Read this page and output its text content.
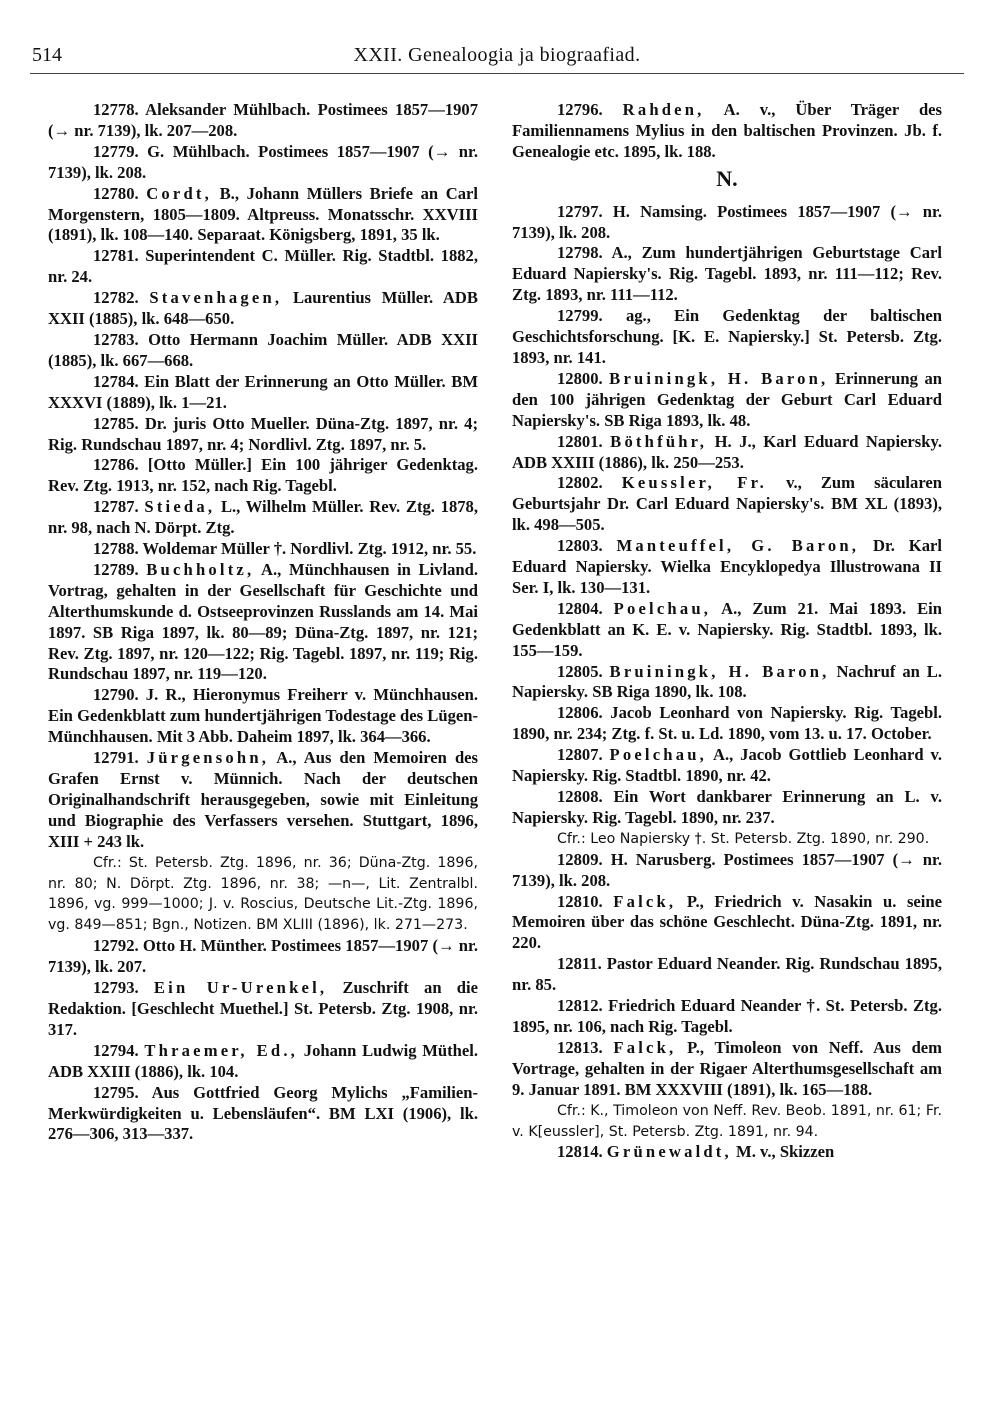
514	XXII. Genealoogia ja biograafiad.

12778. Aleksander Mühlbach. Postimees 1857—1907 (→ nr. 7139), lk. 207—208.

12779. G. Mühlbach. Postimees 1857—1907 (→ nr. 7139), lk. 208.

12780. Cordt, B., Johann Müllers Briefe an Carl Morgenstern, 1805—1809. Altpreuss. Monatsschr. XXVIII (1891), lk. 108—140. Separaat. Königsberg, 1891, 35 lk.

12781. Superintendent C. Müller. Rig. Stadtbl. 1882, nr. 24.

12782. Stavenhagen, Laurentius Müller. ADB XXII (1885), lk. 648—650.

12783. Otto Hermann Joachim Müller. ADB XXII (1885), lk. 667—668.

12784. Ein Blatt der Erinnerung an Otto Müller. BM XXXVI (1889), lk. 1—21.

12785. Dr. juris Otto Mueller. Düna-Ztg. 1897, nr. 4; Rig. Rundschau 1897, nr. 4; Nordlivl. Ztg. 1897, nr. 5.

12786. [Otto Müller.] Ein 100 jähriger Gedenktag. Rev. Ztg. 1913, nr. 152, nach Rig. Tagebl.

12787. Stieda, L., Wilhelm Müller. Rev. Ztg. 1878, nr. 98, nach N. Dörpt. Ztg.

12788. Woldemar Müller †. Nordlivl. Ztg. 1912, nr. 55.

12789. Buchholtz, A., Münchhausen in Livland. Vortrag, gehalten in der Gesellschaft für Geschichte und Alterthumskunde d. Ostseeprovinzen Russlands am 14. Mai 1897. SB Riga 1897, lk. 80—89; Düna-Ztg. 1897, nr. 121; Rev. Ztg. 1897, nr. 120—122; Rig. Tagebl. 1897, nr. 119; Rig. Rundschau 1897, nr. 119—120.

12790. J. R., Hieronymus Freiherr v. Münchhausen. Ein Gedenkblatt zum hundertjährigen Todestage des Lügen-Münchhausen. Mit 3 Abb. Daheim 1897, lk. 364—366.

12791. Jürgensohn, A., Aus den Memoiren des Grafen Ernst v. Münnich. Nach der deutschen Originalhandschrift herausgegeben, sowie mit Einleitung und Biographie des Verfassers versehen. Stuttgart, 1896, XIII + 243 lk.

Cfr.: St. Petersb. Ztg. 1896, nr. 36; Düna-Ztg. 1896, nr. 80; N. Dörpt. Ztg. 1896, nr. 38; —n—, Lit. Zentralbl. 1896, vg. 999—1000; J. v. Roscius, Deutsche Lit.-Ztg. 1896, vg. 849—851; Bgn., Notizen. BM XLIII (1896), lk. 271—273.

12792. Otto H. Münther. Postimees 1857—1907 (→ nr. 7139), lk. 207.

12793. Ein Ur-Urenkel, Zuschrift an die Redaktion. [Geschlecht Muethel.] St. Petersb. Ztg. 1908, nr. 317.

12794. Thraemer, Ed., Johann Ludwig Müthel. ADB XXIII (1886), lk. 104.

12795. Aus Gottfried Georg Mylichs „Familien-Merkwürdigkeiten u. Lebensläufen“. BM LXI (1906), lk. 276—306, 313—337.

12796. Rahden, A. v., Über Träger des Familiennamens Mylius in den baltischen Provinzen. Jb. f. Genealogie etc. 1895, lk. 188.

N.

12797. H. Namsing. Postimees 1857—1907 (→ nr. 7139), lk. 208.

12798. A., Zum hundertjährigen Geburtstage Carl Eduard Napiersky's. Rig. Tagebl. 1893, nr. 111—112; Rev. Ztg. 1893, nr. 111—112.

12799. ag., Ein Gedenktag der baltischen Geschichtsforschung. [K. E. Napiersky.] St. Petersb. Ztg. 1893, nr. 141.

12800. Bruiningk, H. Baron, Erinnerung an den 100 jährigen Gedenktag der Geburt Carl Eduard Napiersky's. SB Riga 1893, lk. 48.

12801. Böthführ, H. J., Karl Eduard Napiersky. ADB XXIII (1886), lk. 250—253.

12802. Keussler, Fr. v., Zum säcularen Geburtsjahr Dr. Carl Eduard Napiersky's. BM XL (1893), lk. 498—505.

12803. Manteuffel, G. Baron, Dr. Karl Eduard Napiersky. Wielka Encyklopedya Illustrowana II Ser. I, lk. 130—131.

12804. Poelchau, A., Zum 21. Mai 1893. Ein Gedenkblatt an K. E. v. Napiersky. Rig. Stadtbl. 1893, lk. 155—159.

12805. Bruiningk, H. Baron, Nachruf an L. Napiersky. SB Riga 1890, lk. 108.

12806. Jacob Leonhard von Napiersky. Rig. Tagebl. 1890, nr. 234; Ztg. f. St. u. Ld. 1890, vom 13. u. 17. October.

12807. Poelchau, A., Jacob Gottlieb Leonhard v. Napiersky. Rig. Stadtbl. 1890, nr. 42.

12808. Ein Wort dankbarer Erinnerung an L. v. Napiersky. Rig. Tagebl. 1890, nr. 237.

Cfr.: Leo Napiersky †. St. Petersb. Ztg. 1890, nr. 290.

12809. H. Narusberg. Postimees 1857—1907 (→ nr. 7139), lk. 208.

12810. Falck, P., Friedrich v. Nasakin u. seine Memoiren über das schöne Geschlecht. Düna-Ztg. 1891, nr. 220.

12811. Pastor Eduard Neander. Rig. Rundschau 1895, nr. 85.

12812. Friedrich Eduard Neander †. St. Petersb. Ztg. 1895, nr. 106, nach Rig. Tagebl.

12813. Falck, P., Timoleon von Neff. Aus dem Vortrage, gehalten in der Rigaer Alterthumsgesellschaft am 9. Januar 1891. BM XXXVIII (1891), lk. 165—188.

Cfr.: K., Timoleon von Neff. Rev. Beob. 1891, nr. 61; Fr. v. K[eussler], St. Petersb. Ztg. 1891, nr. 94.

12814. Grünewaldt, M. v., Skizzen
